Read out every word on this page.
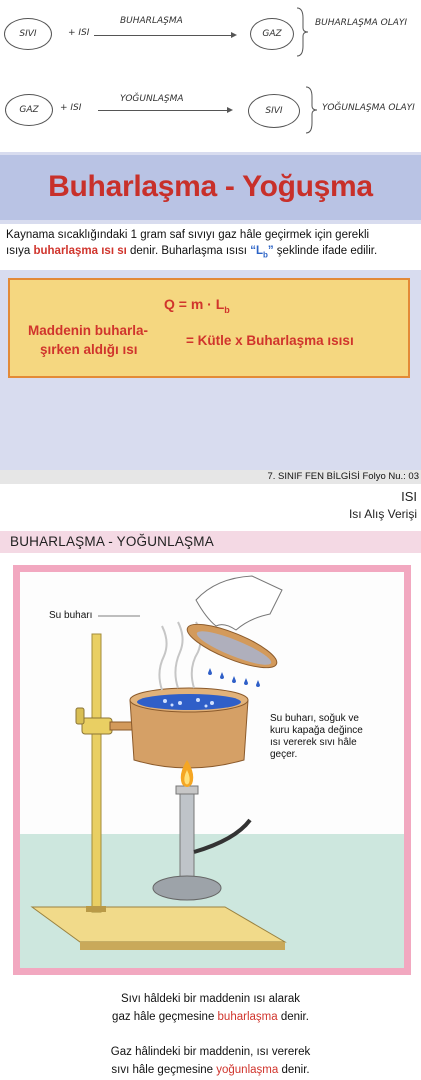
SIVI	+ ISI
BUHARLAŞMA
GAZ
BUHARLAŞMA OLAYI
GAZ + ISI
YOĞUNLAŞMA
SIVI	YOĞUNLAŞMA OLAYI
Buharlaşma - Yoğuşma
Kaynama sıcaklığındaki 1 gram saf sıvıyı gaz hâle geçirmek için gerekli
ısıya buharlaşma ısı sı denir. Buharlaşma ısısı “$L_b$” şeklinde ifade edilir.
$Q = m \cdot L_b$
Maddenin buharla-
şırken aldığı ısı
= Kütle x Buharlaşma ısısı
7. SINIF FEN BİLGİSİ Folyo Nu.: 03
ISI
Isı Alış Verişi
BUHARLAŞMA - YOĞUNLAŞMA
Su buharı
Su buharı, soğuk ve
kuru kapağa değince
ısı vererek sıvı hâle
geçer.
Sıvı hâldeki bir maddenin ısı alarak
gaz hâle geçmesine buharlaşma denir.
Gaz hâlindeki bir maddenin, ısı vererek
sıvı hâle geçmesine yoğunlaşma denir.
